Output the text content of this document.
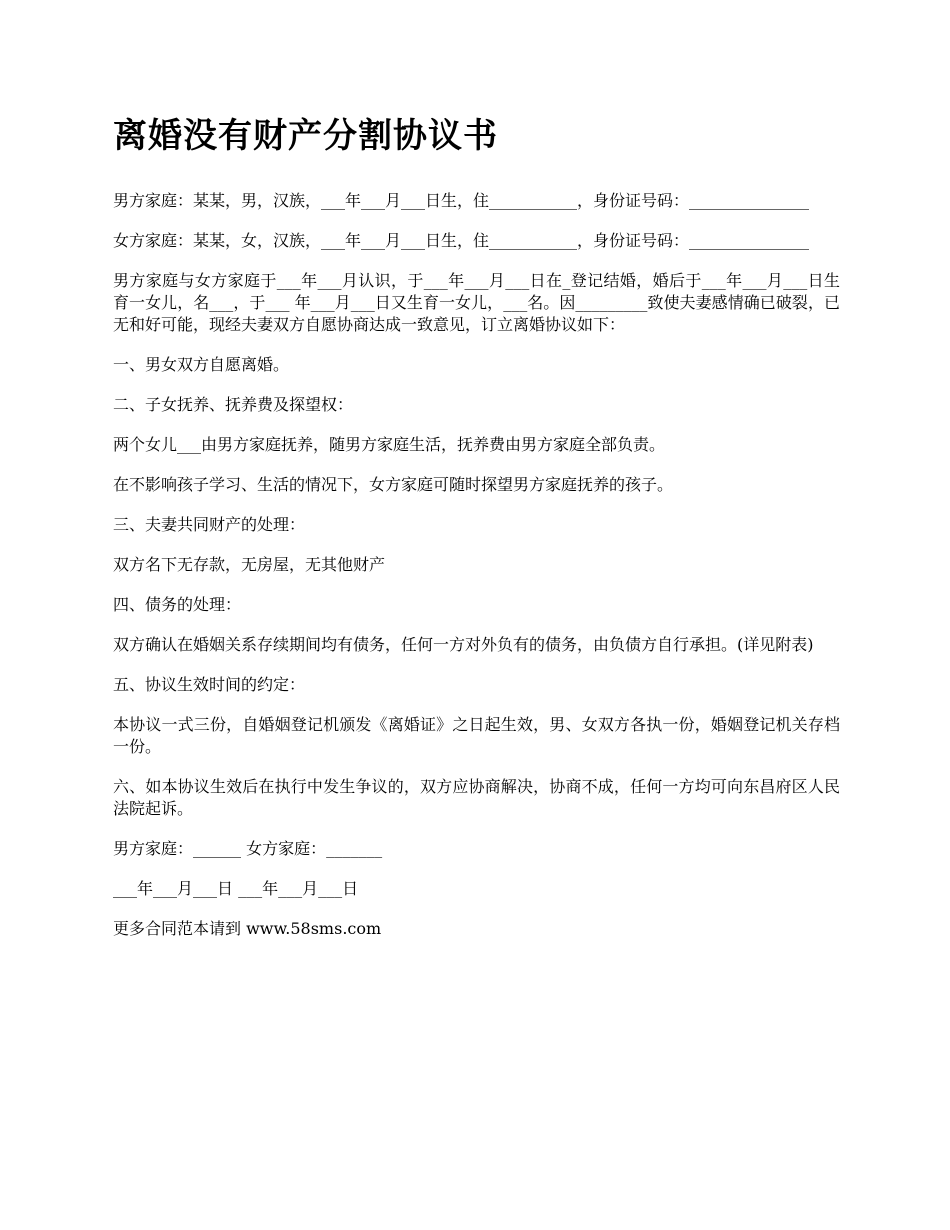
离婚没有财产分割协议书

男方家庭：某某，男，汉族，___年___月___日生，住___________，身份证号码：_______________

女方家庭：某某，女，汉族，___年___月___日生，住___________，身份证号码：_______________

男方家庭与女方家庭于___年___月认识，于___年___月___日在_登记结婚，婚后于___年___月___日生育一女儿，名___，于___ 年___月___日又生育一女儿，___名。因_________致使夫妻感情确已破裂，已无和好可能，现经夫妻双方自愿协商达成一致意见，订立离婚协议如下：

一、男女双方自愿离婚。

二、子女抚养、抚养费及探望权：

两个女儿___由男方家庭抚养，随男方家庭生活，抚养费由男方家庭全部负责。

在不影响孩子学习、生活的情况下，女方家庭可随时探望男方家庭抚养的孩子。

三、夫妻共同财产的处理：

双方名下无存款，无房屋，无其他财产

四、债务的处理：

双方确认在婚姻关系存续期间均有债务，任何一方对外负有的债务，由负债方自行承担。(详见附表)

五、协议生效时间的约定：

本协议一式三份，自婚姻登记机颁发《离婚证》之日起生效，男、女双方各执一份，婚姻登记机关存档一份。

六、如本协议生效后在执行中发生争议的，双方应协商解决，协商不成，任何一方均可向东昌府区人民法院起诉。

男方家庭：______ 女方家庭：_______

___年___月___日 ___年___月___日

更多合同范本请到 www.58sms.com
